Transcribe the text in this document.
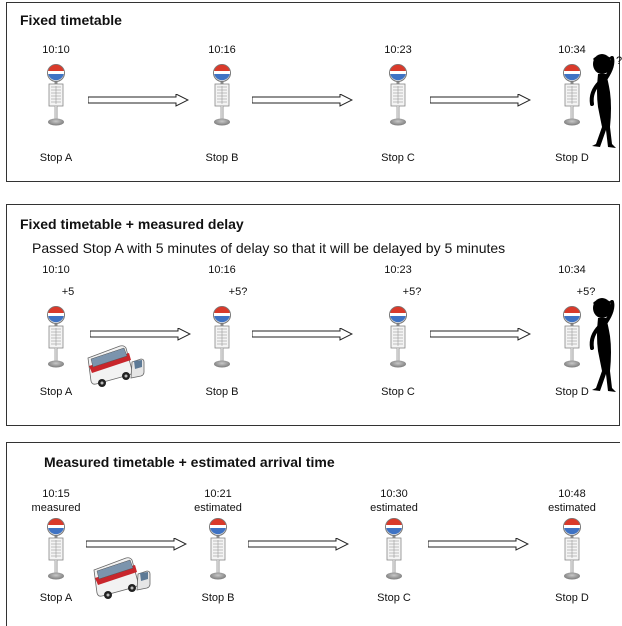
Fixed timetable
10:10	10:16	10:23	10:34
?
Stop A	Stop B	Stop C	Stop D
Fixed timetable + measured delay
Passed Stop A with 5 minutes of delay so that it will be delayed by 5 minutes
10:10	10:16	10:23	10:34
+5	+5?	+5?	+5?
Stop A	Stop B	Stop C	Stop D
Measured timetable + estimated arrival time
10:15	10:21	10:30	10:48
measured	estimated	estimated	estimated
Stop A	Stop B	Stop C	Stop D
